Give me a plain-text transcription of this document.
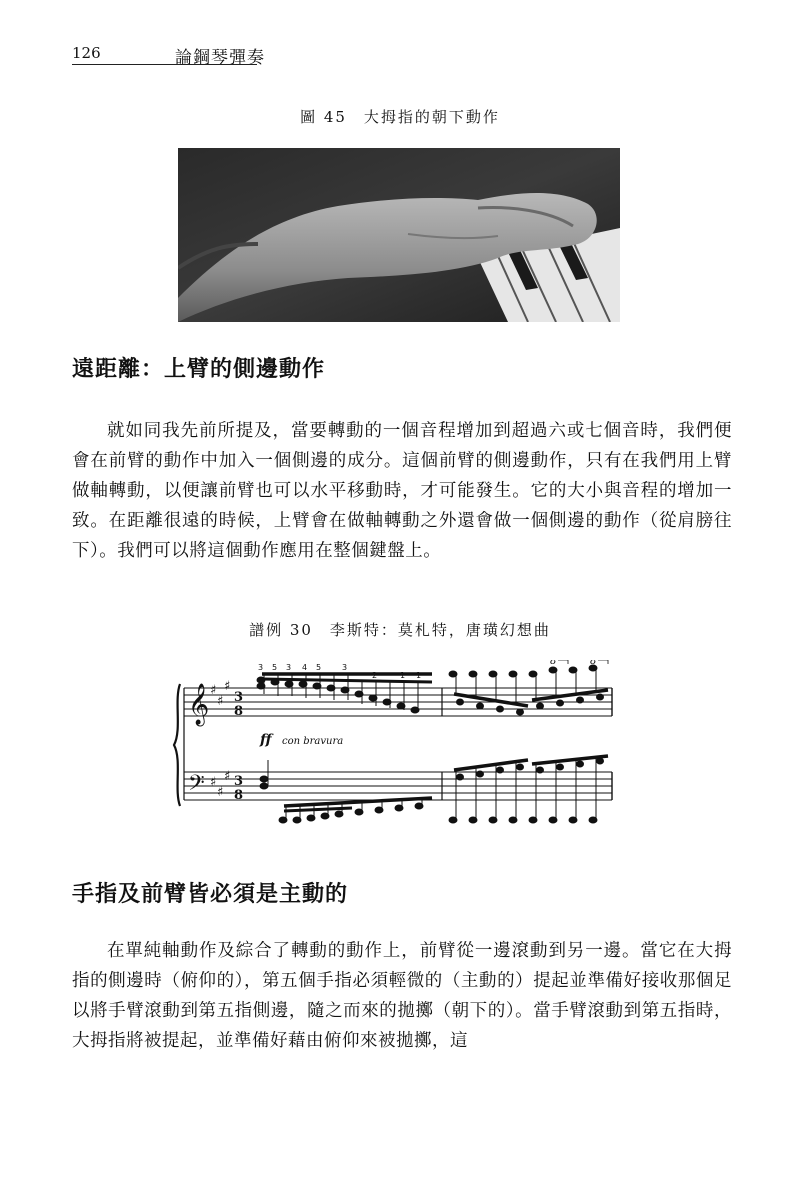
126	論鋼琴彈奏
圖 45　大拇指的朝下動作
遠距離：上臂的側邊動作
就如同我先前所提及，當要轉動的一個音程增加到超過六或七個音時，我們便會在前臂的動作中加入一個側邊的成分。這個前臂的側邊動作，只有在我們用上臂做軸轉動，以便讓前臂也可以水平移動時，才可能發生。它的大小與音程的增加一致。在距離很遠的時候，上臂會在做軸轉動之外還會做一個側邊的動作（從肩膀往下）。我們可以將這個動作應用在整個鍵盤上。
譜例 30　李斯特：莫札特，唐璜幻想曲
𝄞
𝄢
♯
♯
♯
♯
♯
♯
3
8
3
8
3 5 3 4 5	3
2	1 1
8	8
ff con bravura
手指及前臂皆必須是主動的
在單純軸動作及綜合了轉動的動作上，前臂從一邊滾動到另一邊。當它在大拇指的側邊時（俯仰的），第五個手指必須輕微的（主動的）提起並準備好接收那個足以將手臂滾動到第五指側邊，隨之而來的拋擲（朝下的）。當手臂滾動到第五指時，大拇指將被提起，並準備好藉由俯仰來被拋擲，這
